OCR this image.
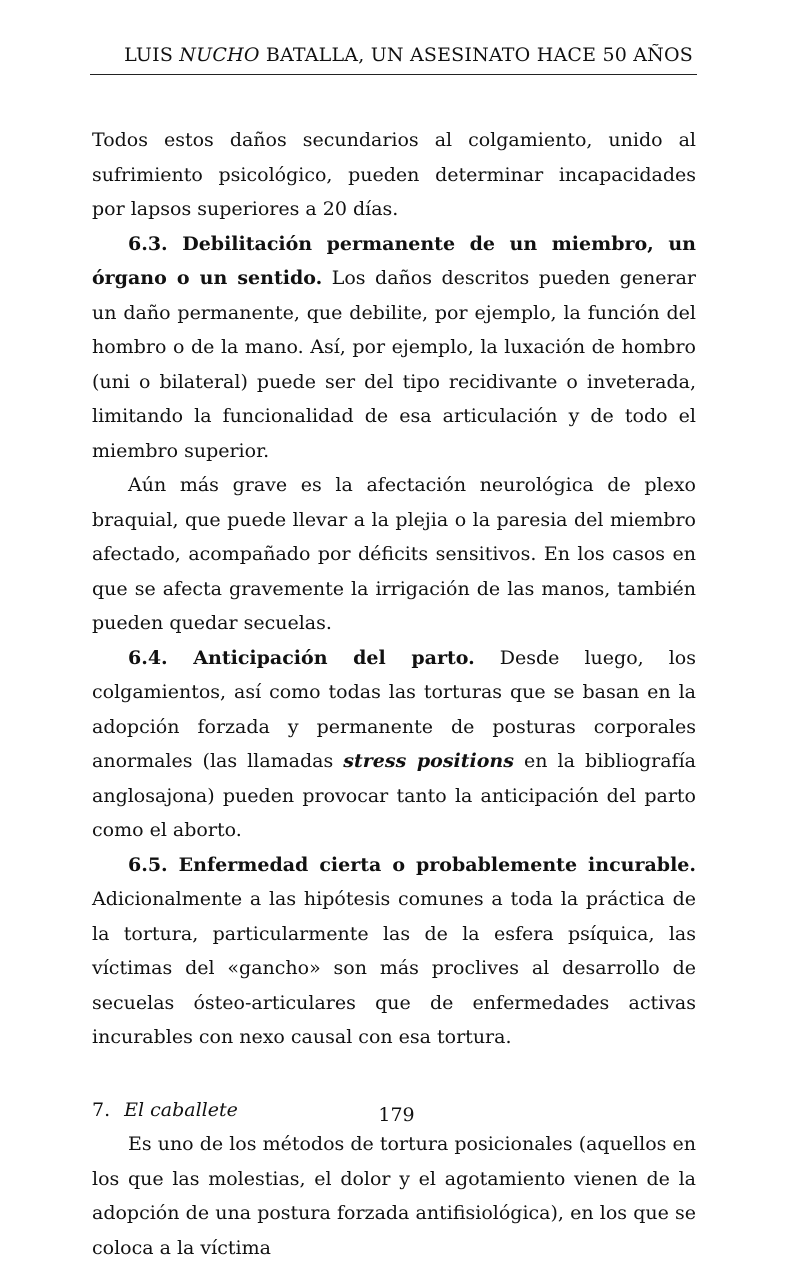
LUIS NUCHO BATALLA, UN ASESINATO HACE 50 AÑOS

Todos estos daños secundarios al colgamiento, unido al sufrimiento psicológico, pueden determinar incapacidades por lapsos superiores a 20 días.

6.3. Debilitación permanente de un miembro, un órgano o un sentido. Los daños descritos pueden generar un daño permanente, que debilite, por ejemplo, la función del hombro o de la mano. Así, por ejemplo, la luxación de hombro (uni o bilateral) puede ser del tipo recidivante o inveterada, limitando la funcionalidad de esa articulación y de todo el miembro superior.

Aún más grave es la afectación neurológica de plexo braquial, que puede llevar a la plejia o la paresia del miembro afectado, acompañado por déficits sensitivos. En los casos en que se afecta gravemente la irrigación de las manos, también pueden quedar secuelas.

6.4. Anticipación del parto. Desde luego, los colgamientos, así como todas las torturas que se basan en la adopción forzada y permanente de posturas corporales anormales (las llamadas stress positions en la bibliografía anglosajona) pueden provocar tanto la anticipación del parto como el aborto.

6.5. Enfermedad cierta o probablemente incurable. Adicionalmente a las hipótesis comunes a toda la práctica de la tortura, particularmente las de la esfera psíquica, las víctimas del «gancho» son más proclives al desarrollo de secuelas ósteo-articulares que de enfermedades activas incurables con nexo causal con esa tortura.

7. El caballete

Es uno de los métodos de tortura posicionales (aquellos en los que las molestias, el dolor y el agotamiento vienen de la adopción de una postura forzada antifisiológica), en los que se coloca a la víctima

179
